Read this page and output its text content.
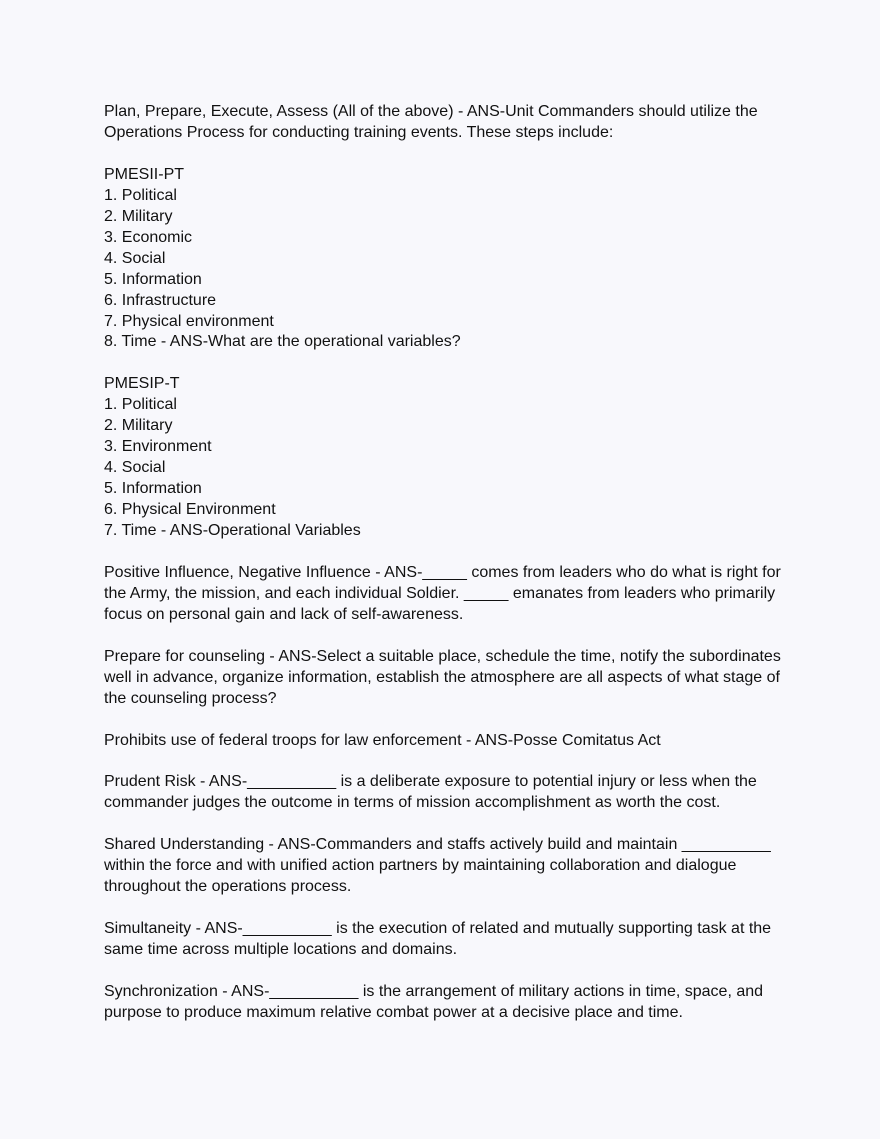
Plan, Prepare, Execute, Assess (All of the above) - ANS-Unit Commanders should utilize the
Operations Process for conducting training events. These steps include:
PMESII-PT
1. Political
2. Military
3. Economic
4. Social
5. Information
6. Infrastructure
7. Physical environment
8. Time - ANS-What are the operational variables?
PMESIP-T
1. Political
2. Military
3. Environment
4. Social
5. Information
6. Physical Environment
7. Time - ANS-Operational Variables
Positive Influence, Negative Influence - ANS-_____ comes from leaders who do what is right for
the Army, the mission, and each individual Soldier. _____ emanates from leaders who primarily
focus on personal gain and lack of self-awareness.
Prepare for counseling - ANS-Select a suitable place, schedule the time, notify the subordinates
well in advance, organize information, establish the atmosphere are all aspects of what stage of
the counseling process?
Prohibits use of federal troops for law enforcement - ANS-Posse Comitatus Act
Prudent Risk - ANS-__________ is a deliberate exposure to potential injury or less when the
commander judges the outcome in terms of mission accomplishment as worth the cost.
Shared Understanding - ANS-Commanders and staffs actively build and maintain __________
within the force and with unified action partners by maintaining collaboration and dialogue
throughout the operations process.
Simultaneity - ANS-__________ is the execution of related and mutually supporting task at the
same time across multiple locations and domains.
Synchronization - ANS-__________ is the arrangement of military actions in time, space, and
purpose to produce maximum relative combat power at a decisive place and time.
